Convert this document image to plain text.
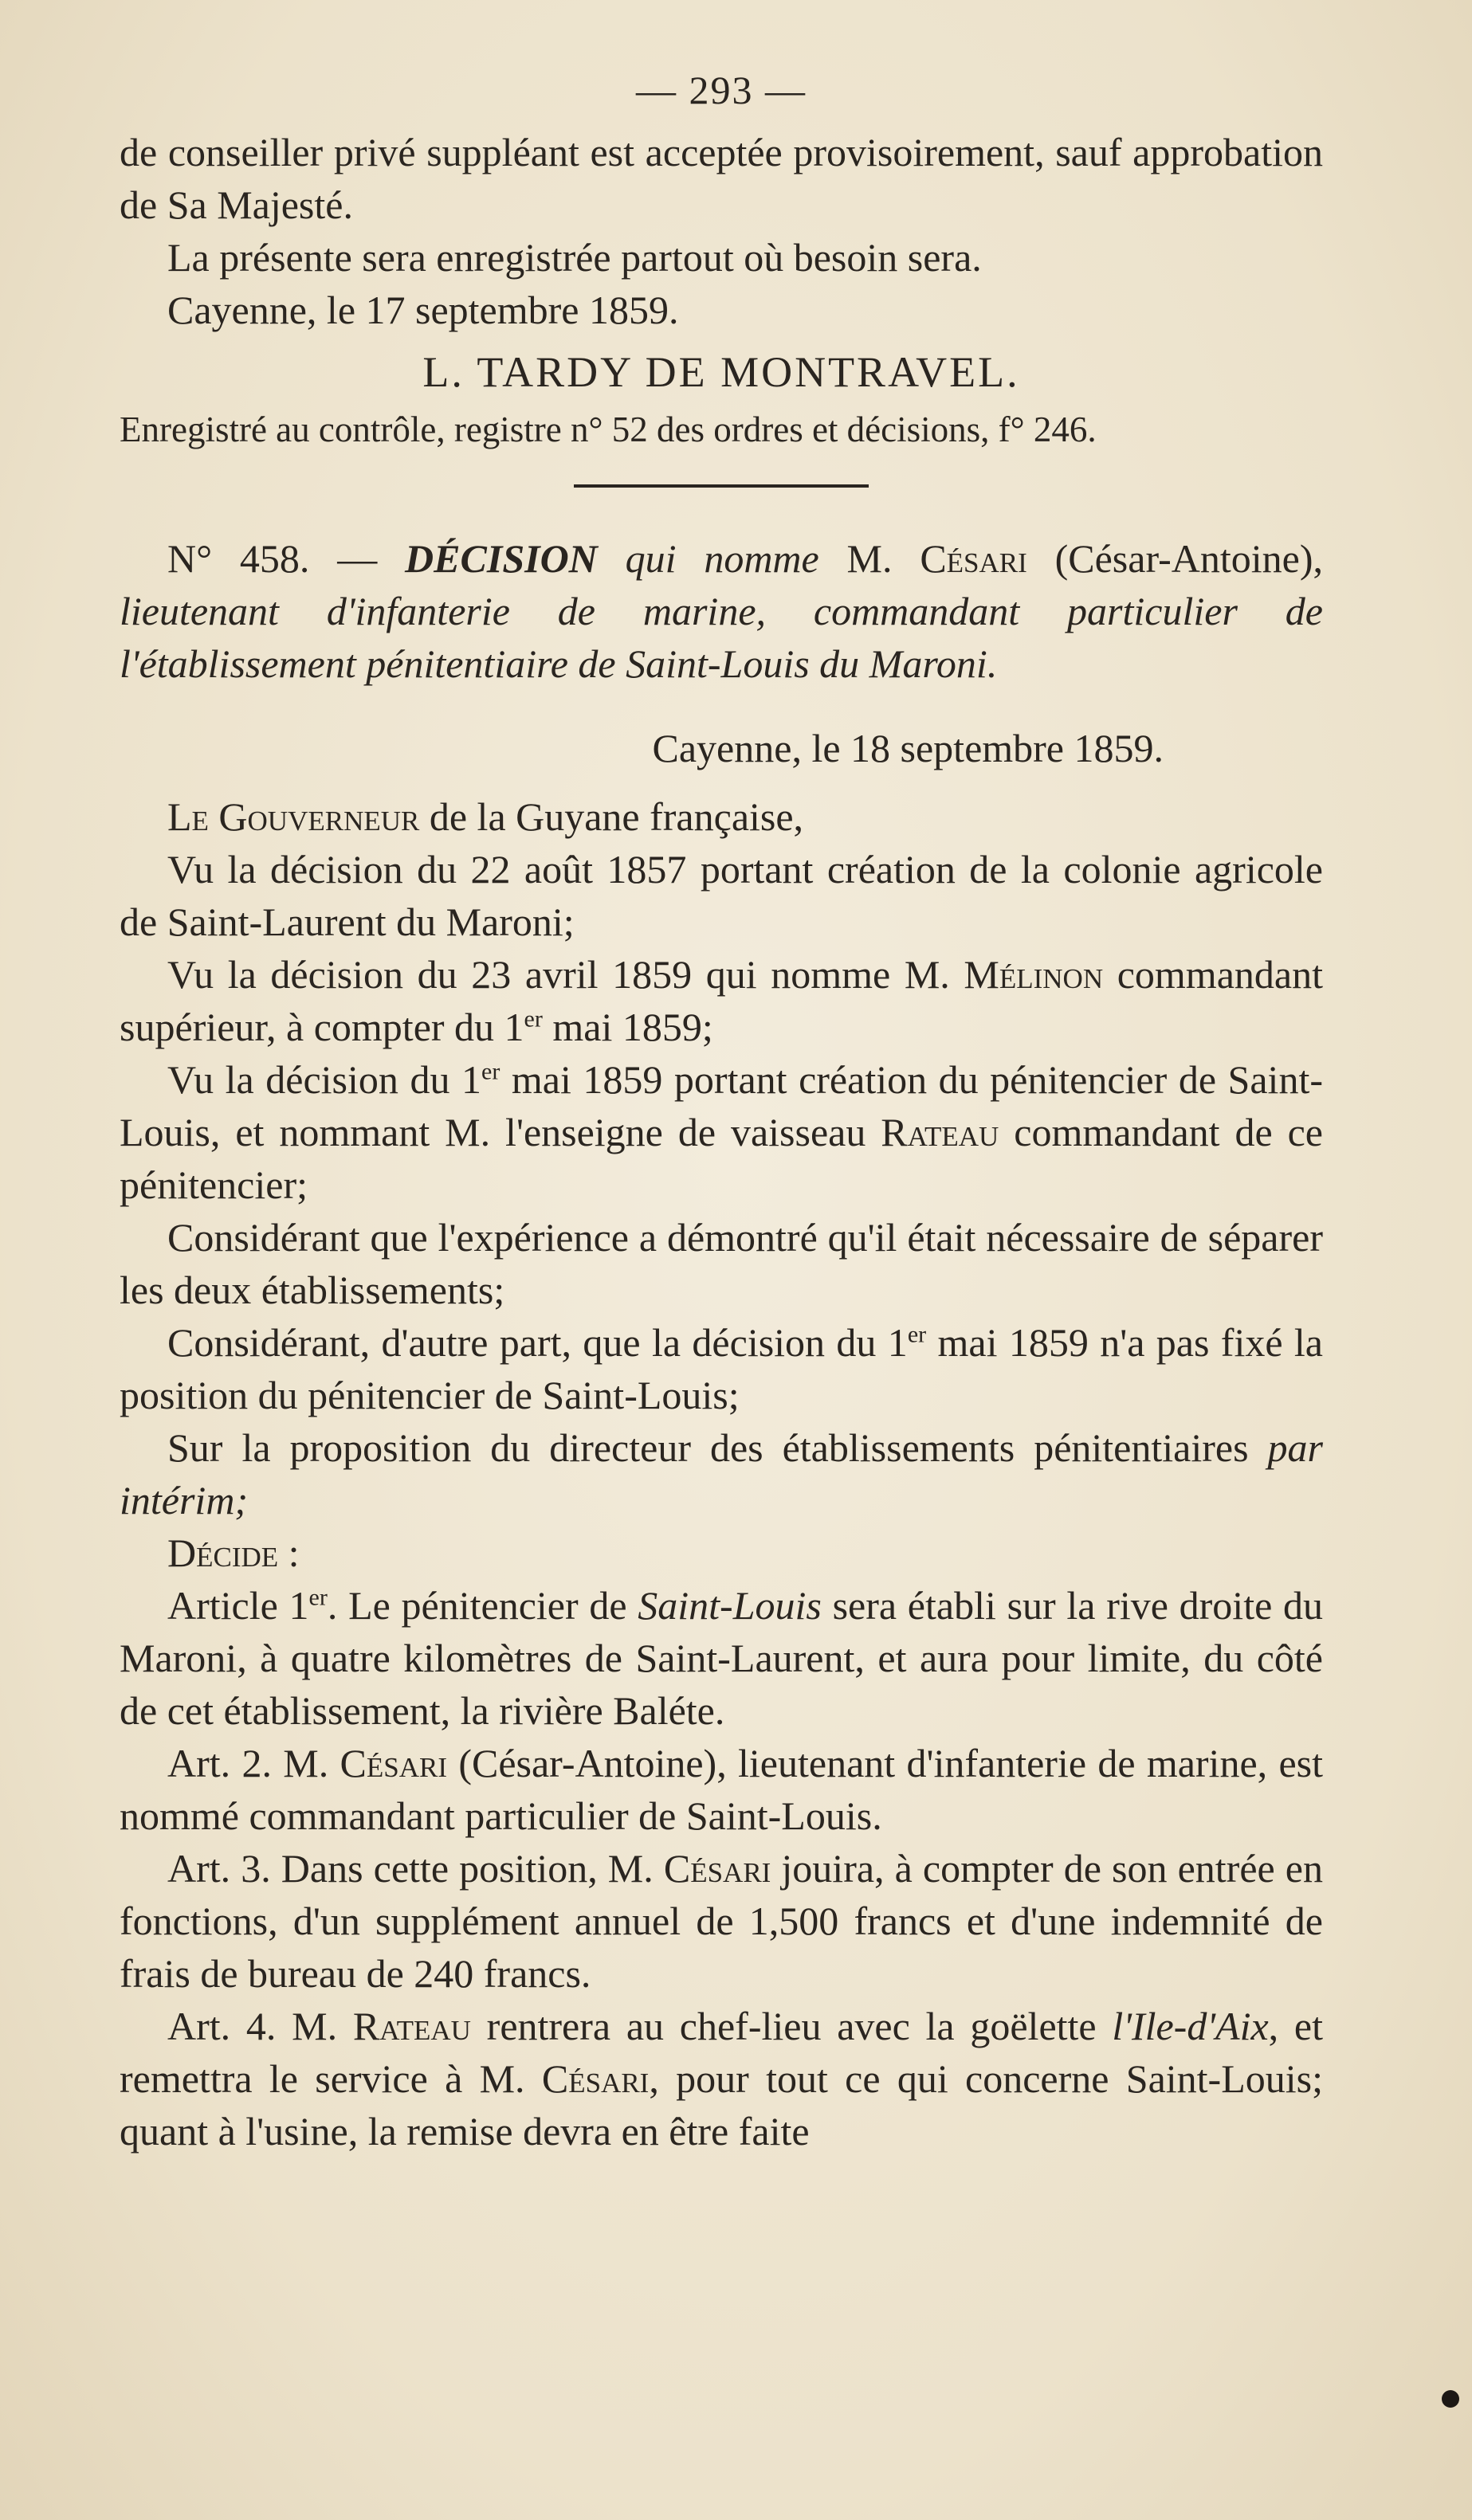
— 293 —

de conseiller privé suppléant est acceptée provisoirement, sauf approbation de Sa Majesté.

La présente sera enregistrée partout où besoin sera.

Cayenne, le 17 septembre 1859.

L. TARDY DE MONTRAVEL.

Enregistré au contrôle, registre n° 52 des ordres et décisions, f° 246.

N° 458. — DÉCISION qui nomme M. Césari (César-Antoine), lieutenant d'infanterie de marine, commandant particulier de l'établissement pénitentiaire de Saint-Louis du Maroni.

Cayenne, le 18 septembre 1859.

Le Gouverneur de la Guyane française,

Vu la décision du 22 août 1857 portant création de la colonie agricole de Saint-Laurent du Maroni;

Vu la décision du 23 avril 1859 qui nomme M. Mélinon commandant supérieur, à compter du 1er mai 1859;

Vu la décision du 1er mai 1859 portant création du pénitencier de Saint-Louis, et nommant M. l'enseigne de vaisseau Rateau commandant de ce pénitencier;

Considérant que l'expérience a démontré qu'il était nécessaire de séparer les deux établissements;

Considérant, d'autre part, que la décision du 1er mai 1859 n'a pas fixé la position du pénitencier de Saint-Louis;

Sur la proposition du directeur des établissements pénitentiaires par intérim;

Décide :

Article 1er. Le pénitencier de Saint-Louis sera établi sur la rive droite du Maroni, à quatre kilomètres de Saint-Laurent, et aura pour limite, du côté de cet établissement, la rivière Baléte.

Art. 2. M. Césari (César-Antoine), lieutenant d'infanterie de marine, est nommé commandant particulier de Saint-Louis.

Art. 3. Dans cette position, M. Césari jouira, à compter de son entrée en fonctions, d'un supplément annuel de 1,500 francs et d'une indemnité de frais de bureau de 240 francs.

Art. 4. M. Rateau rentrera au chef-lieu avec la goëlette l'Ile-d'Aix, et remettra le service à M. Césari, pour tout ce qui concerne Saint-Louis; quant à l'usine, la remise devra en être faite
